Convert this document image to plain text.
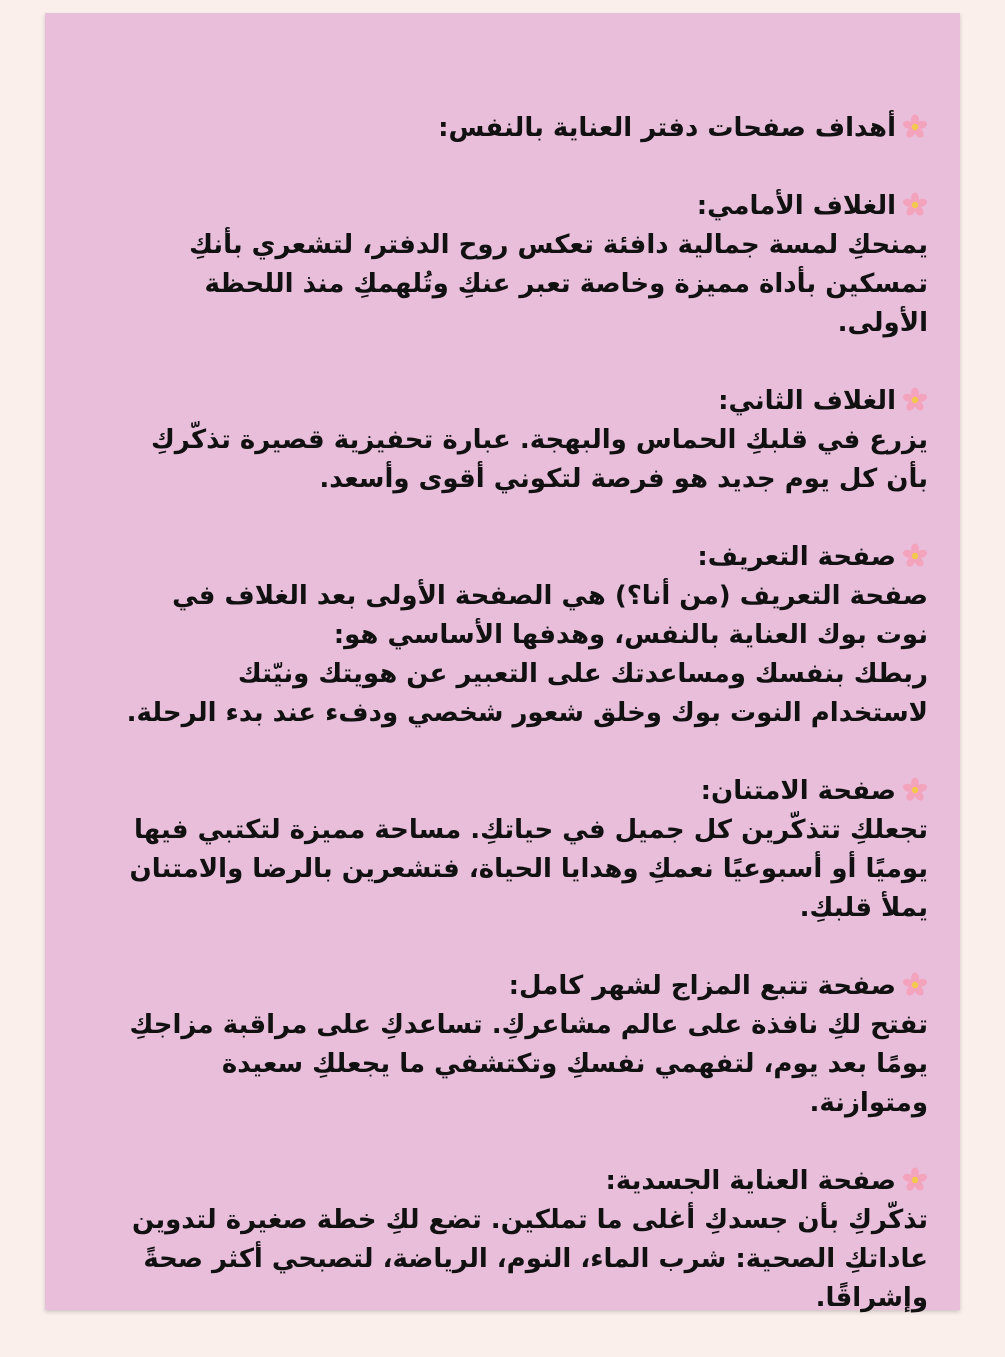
أهداف صفحات دفتر العناية بالنفس:
الغلاف الأمامي:
يمنحكِ لمسة جمالية دافئة تعكس روح الدفتر، لتشعري بأنكِ تمسكين بأداة مميزة وخاصة تعبر عنكِ وتُلهمكِ منذ اللحظة الأولى.
الغلاف الثاني:
يزرع في قلبكِ الحماس والبهجة. عبارة تحفيزية قصيرة تذكّركِ بأن كل يوم جديد هو فرصة لتكوني أقوى وأسعد.
صفحة التعريف:
صفحة التعريف (من أنا؟) هي الصفحة الأولى بعد الغلاف في نوت بوك العناية بالنفس، وهدفها الأساسي هو:
ربطك بنفسك ومساعدتك على التعبير عن هويتك ونيّتك لاستخدام النوت بوك وخلق شعور شخصي ودفء عند بدء الرحلة.
صفحة الامتنان:
تجعلكِ تتذكّرين كل جميل في حياتكِ. مساحة مميزة لتكتبي فيها يوميًا أو أسبوعيًا نعمكِ وهدايا الحياة، فتشعرين بالرضا والامتنان يملأ قلبكِ.
صفحة تتبع المزاج لشهر كامل:
تفتح لكِ نافذة على عالم مشاعركِ. تساعدكِ على مراقبة مزاجكِ يومًا بعد يوم، لتفهمي نفسكِ وتكتشفي ما يجعلكِ سعيدة ومتوازنة.
صفحة العناية الجسدية:
تذكّركِ بأن جسدكِ أغلى ما تملكين. تضع لكِ خطة صغيرة لتدوين عاداتكِ الصحية: شرب الماء، النوم، الرياضة، لتصبحي أكثر صحةً وإشراقًا.
